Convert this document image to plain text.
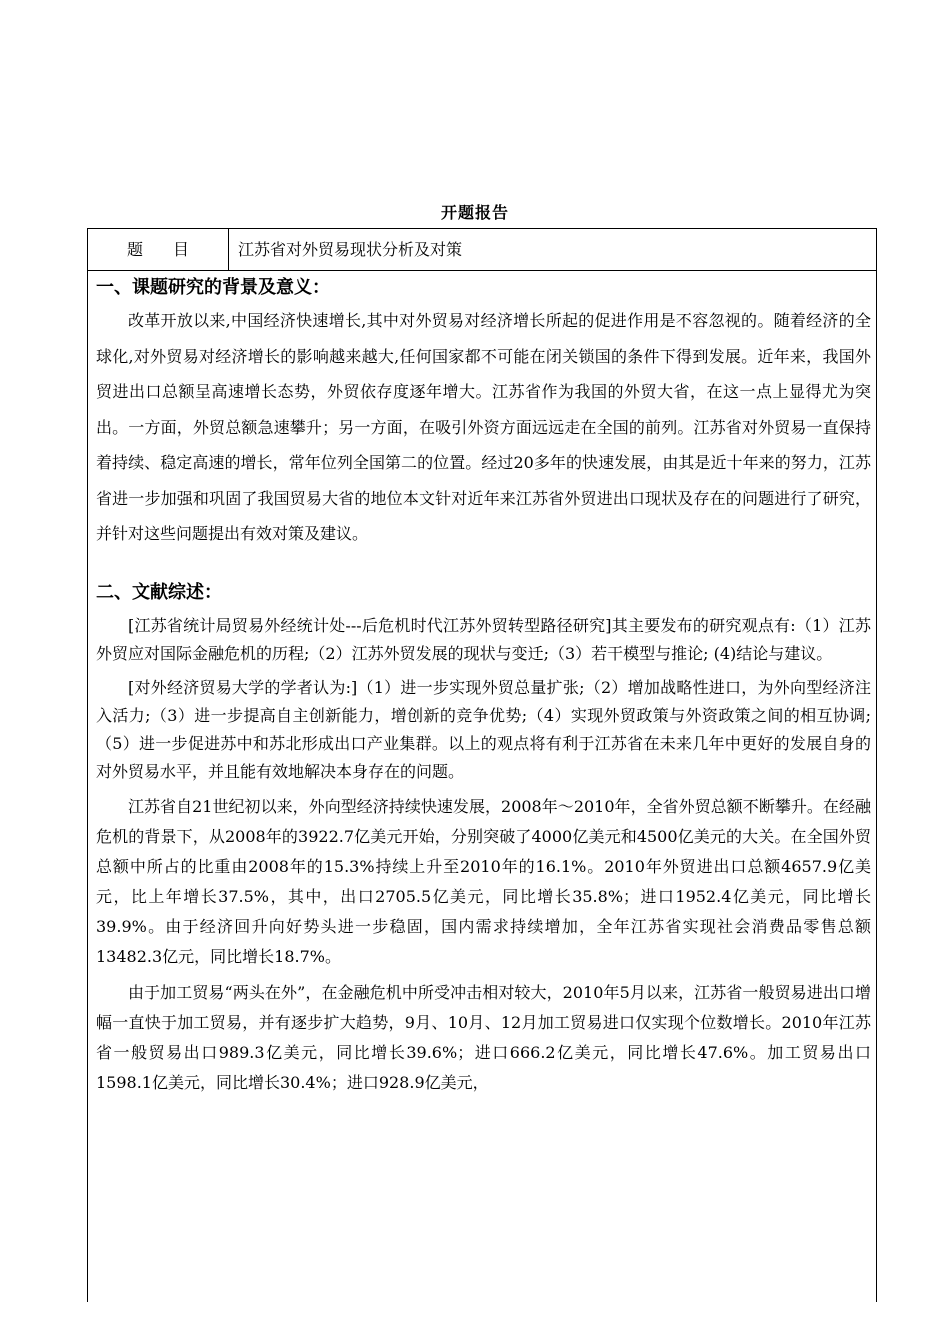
开题报告
题目	江苏省对外贸易现状分析及对策
一、课题研究的背景及意义：

改革开放以来,中国经济快速增长,其中对外贸易对经济增长所起的促进作用是不容忽视的。随着经济的全球化,对外贸易对经济增长的影响越来越大,任何国家都不可能在闭关锁国的条件下得到发展。近年来，我国外贸进出口总额呈高速增长态势，外贸依存度逐年增大。江苏省作为我国的外贸大省，在这一点上显得尤为突出。一方面，外贸总额急速攀升；另一方面，在吸引外资方面远远走在全国的前列。江苏省对外贸易一直保持着持续、稳定高速的增长，常年位列全国第二的位置。经过20多年的快速发展，由其是近十年来的努力，江苏省进一步加强和巩固了我国贸易大省的地位本文针对近年来江苏省外贸进出口现状及存在的问题进行了研究，并针对这些问题提出有效对策及建议。

二、文献综述：

[江苏省统计局贸易外经统计处---后危机时代江苏外贸转型路径研究]其主要发布的研究观点有:（1）江苏外贸应对国际金融危机的历程;（2）江苏外贸发展的现状与变迁;（3）若干模型与推论; (4)结论与建议。

[对外经济贸易大学的学者认为:]（1）进一步实现外贸总量扩张;（2）增加战略性进口，为外向型经济注入活力;（3）进一步提高自主创新能力，增创新的竞争优势;（4）实现外贸政策与外资政策之间的相互协调;（5）进一步促进苏中和苏北形成出口产业集群。以上的观点将有利于江苏省在未来几年中更好的发展自身的对外贸易水平，并且能有效地解决本身存在的问题。

江苏省自21世纪初以来，外向型经济持续快速发展，2008年～2010年，全省外贸总额不断攀升。在经融危机的背景下，从2008年的3922.7亿美元开始，分别突破了4000亿美元和4500亿美元的大关。在全国外贸总额中所占的比重由2008年的15.3%持续上升至2010年的16.1%。2010年外贸进出口总额4657.9亿美元，比上年增长37.5%，其中，出口2705.5亿美元，同比增长35.8%；进口1952.4亿美元，同比增长39.9%。由于经济回升向好势头进一步稳固，国内需求持续增加，全年江苏省实现社会消费品零售总额13482.3亿元，同比增长18.7%。

由于加工贸易“两头在外”，在金融危机中所受冲击相对较大，2010年5月以来，江苏省一般贸易进出口增幅一直快于加工贸易，并有逐步扩大趋势，9月、10月、12月加工贸易进口仅实现个位数增长。2010年江苏省一般贸易出口989.3亿美元，同比增长39.6%；进口666.2亿美元，同比增长47.6%。加工贸易出口1598.1亿美元，同比增长30.4%；进口928.9亿美元，
